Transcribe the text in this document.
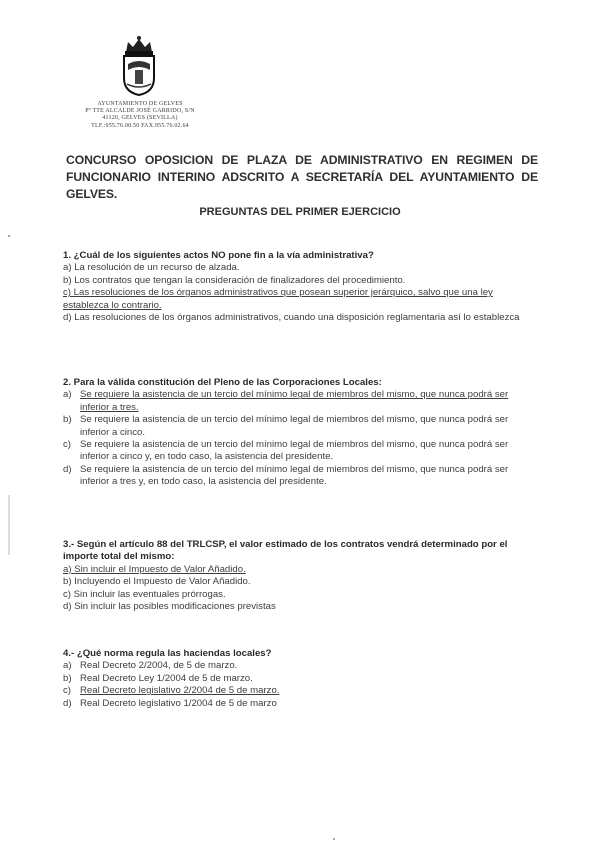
AYUNTAMIENTO DE GELVES
Pº TTE ALCALDE JOSÉ GARRIDO, S/N
41120, GELVES (SEVILLA)
TLF.:955.76.00.50 FAX.955.76.02.64
CONCURSO OPOSICION DE PLAZA DE ADMINISTRATIVO EN REGIMEN DE FUNCIONARIO INTERINO ADSCRITO A SECRETARÍA DEL AYUNTAMIENTO DE GELVES.
PREGUNTAS DEL PRIMER EJERCICIO
1. ¿Cuál de los siguientes actos NO pone fin a la vía administrativa?
a) La resolución de un recurso de alzada.
b) Los contratos que tengan la consideración de finalizadores del procedimiento.
c) Las resoluciones de los órganos administrativos que posean superior jerárquico, salvo que una ley establezca lo contrario.
d) Las resoluciones de los órganos administrativos, cuando una disposición reglamentaria así lo establezca
2. Para la válida constitución del Pleno de las Corporaciones Locales:
a) Se requiere la asistencia de un tercio del mínimo legal de miembros del mismo, que nunca podrá ser inferior a tres.
b) Se requiere la asistencia de un tercio del mínimo legal de miembros del mismo, que nunca podrá ser inferior a cinco.
c) Se requiere la asistencia de un tercio del mínimo legal de miembros del mismo, que nunca podrá ser inferior a cinco y, en todo caso, la asistencia del presidente.
d) Se requiere la asistencia de un tercio del mínimo legal de miembros del mismo, que nunca podrá ser inferior a tres y, en todo caso, la asistencia del presidente.
3.- Según el artículo 88 del TRLCSP, el valor estimado de los contratos vendrá determinado por el importe total del mismo:
a) Sin incluir el Impuesto de Valor Añadido.
b) Incluyendo el Impuesto de Valor Añadido.
c) Sin incluir las eventuales prórrogas.
d) Sin incluir las posibles modificaciones previstas
4.- ¿Qué norma regula las haciendas locales?
a) Real Decreto 2/2004, de 5 de marzo.
b) Real Decreto Ley 1/2004 de 5 de marzo.
c) Real Decreto legislativo 2/2004 de 5 de marzo.
d) Real Decreto legislativo 1/2004 de 5 de marzo
